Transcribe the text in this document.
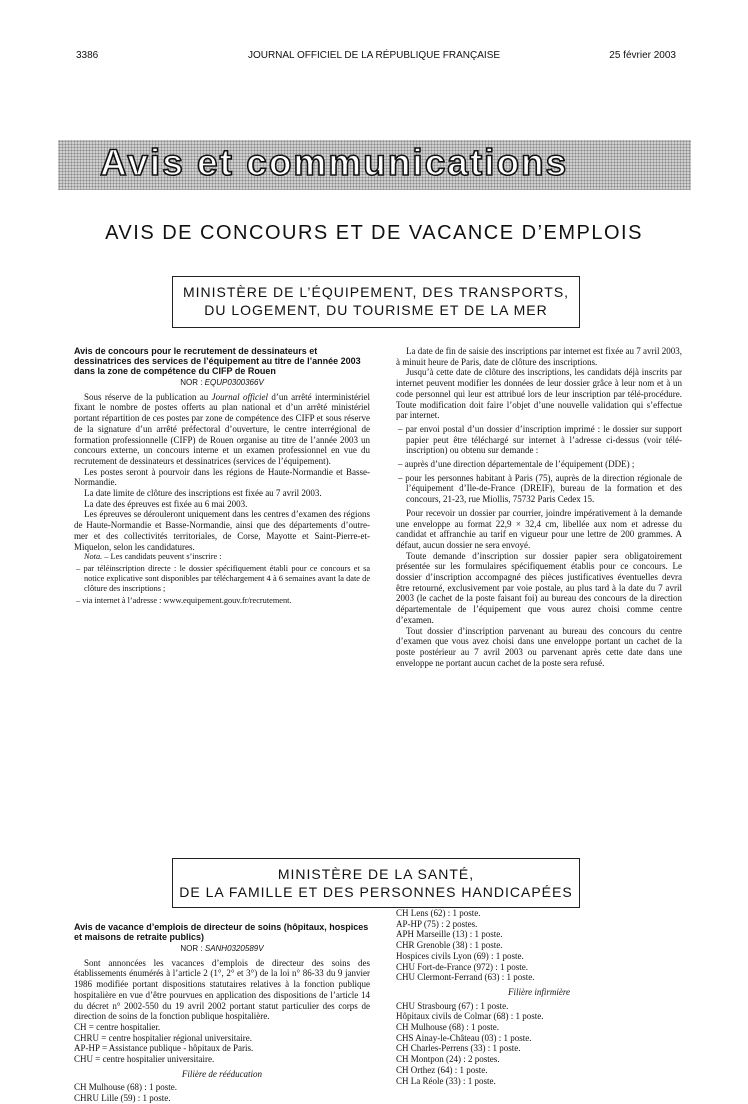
3386	JOURNAL OFFICIEL DE LA RÉPUBLIQUE FRANÇAISE	25 février 2003
Avis et communications
AVIS DE CONCOURS ET DE VACANCE D’EMPLOIS
MINISTÈRE DE L’ÉQUIPEMENT, DES TRANSPORTS,
DU LOGEMENT, DU TOURISME ET DE LA MER
Avis de concours pour le recrutement de dessinateurs et dessinatrices des services de l’équipement au titre de l’année 2003 dans la zone de compétence du CIFP de Rouen
NOR : EQUP0300366V

Sous réserve de la publication au Journal officiel d’un arrêté interministériel fixant le nombre de postes offerts au plan national et d’un arrêté ministériel portant répartition de ces postes par zone de compétence des CIFP et sous réserve de la signature d’un arrêté préfectoral d’ouverture, le centre interrégional de formation professionnelle (CIFP) de Rouen organise au titre de l’année 2003 un concours externe, un concours interne et un examen professionnel en vue du recrutement de dessinateurs et dessinatrices (services de l’équipement).

Les postes seront à pourvoir dans les régions de Haute-Normandie et Basse-Normandie.

La date limite de clôture des inscriptions est fixée au 7 avril 2003.

La date des épreuves est fixée au 6 mai 2003.

Les épreuves se dérouleront uniquement dans les centres d’examen des régions de Haute-Normandie et Basse-Normandie, ainsi que des départements d’outre-mer et des collectivités territoriales, de Corse, Mayotte et Saint-Pierre-et-Miquelon, selon les candidatures.

Nota. – Les candidats peuvent s’inscrire :

– par téléinscription directe : le dossier spécifiquement établi pour ce concours et sa notice explicative sont disponibles par téléchargement 4 à 6 semaines avant la date de clôture des inscriptions ;

– via internet à l’adresse : www.equipement.gouv.fr/recrutement.

La date de fin de saisie des inscriptions par internet est fixée au 7 avril 2003, à minuit heure de Paris, date de clôture des inscriptions.

Jusqu’à cette date de clôture des inscriptions, les candidats déjà inscrits par internet peuvent modifier les données de leur dossier grâce à leur nom et à un code personnel qui leur est attribué lors de leur inscription par télé-procédure. Toute modification doit faire l’objet d’une nouvelle validation qui s’effectue par internet.

– par envoi postal d’un dossier d’inscription imprimé : le dossier sur support papier peut être téléchargé sur internet à l’adresse ci-dessus (voir télé-inscription) ou obtenu sur demande :

– auprès d’une direction départementale de l’équipement (DDE) ;

– pour les personnes habitant à Paris (75), auprès de la direction régionale de l’équipement d’Ile-de-France (DREIF), bureau de la formation et des concours, 21-23, rue Miollis, 75732 Paris Cedex 15.

Pour recevoir un dossier par courrier, joindre impérativement à la demande une enveloppe au format 22,9 × 32,4 cm, libellée aux nom et adresse du candidat et affranchie au tarif en vigueur pour une lettre de 200 grammes. A défaut, aucun dossier ne sera envoyé.

Toute demande d’inscription sur dossier papier sera obligatoirement présentée sur les formulaires spécifiquement établis pour ce concours. Le dossier d’inscription accompagné des pièces justificatives éventuelles devra être retourné, exclusivement par voie postale, au plus tard à la date du 7 avril 2003 (le cachet de la poste faisant foi) au bureau des concours de la direction départementale de l’équipement que vous aurez choisi comme centre d’examen.

Tout dossier d’inscription parvenant au bureau des concours du centre d’examen que vous avez choisi dans une enveloppe portant un cachet de la poste postérieur au 7 avril 2003 ou parvenant après cette date dans une enveloppe ne portant aucun cachet de la poste sera refusé.

MINISTÈRE DE LA SANTÉ,
DE LA FAMILLE ET DES PERSONNES HANDICAPÉES
Avis de vacance d’emplois de directeur de soins (hôpitaux, hospices et maisons de retraite publics)
NOR : SANH0320589V

Sont annoncées les vacances d’emplois de directeur des soins des établissements énumérés à l’article 2 (1°, 2° et 3°) de la loi n° 86-33 du 9 janvier 1986 modifiée portant dispositions statutaires relatives à la fonction publique hospitalière en vue d’être pourvues en application des dispositions de l’article 14 du décret n° 2002-550 du 19 avril 2002 portant statut particulier des corps de direction de soins de la fonction publique hospitalière.

CH = centre hospitalier.
CHRU = centre hospitalier régional universitaire.
AP-HP = Assistance publique - hôpitaux de Paris.
CHU = centre hospitalier universitaire.
Filière de rééducation
CH Mulhouse (68) : 1 poste.
CHRU Lille (59) : 1 poste.
CH Lens (62) : 1 poste.
AP-HP (75) : 2 postes.
APH Marseille (13) : 1 poste.
CHR Grenoble (38) : 1 poste.
Hospices civils Lyon (69) : 1 poste.
CHU Fort-de-France (972) : 1 poste.
CHU Clermont-Ferrand (63) : 1 poste.
Filière infirmière
CHU Strasbourg (67) : 1 poste.
Hôpitaux civils de Colmar (68) : 1 poste.
CH Mulhouse (68) : 1 poste.
CHS Ainay-le-Château (03) : 1 poste.
CH Charles-Perrens (33) : 1 poste.
CH Montpon (24) : 2 postes.
CH Orthez (64) : 1 poste.
CH La Réole (33) : 1 poste.
